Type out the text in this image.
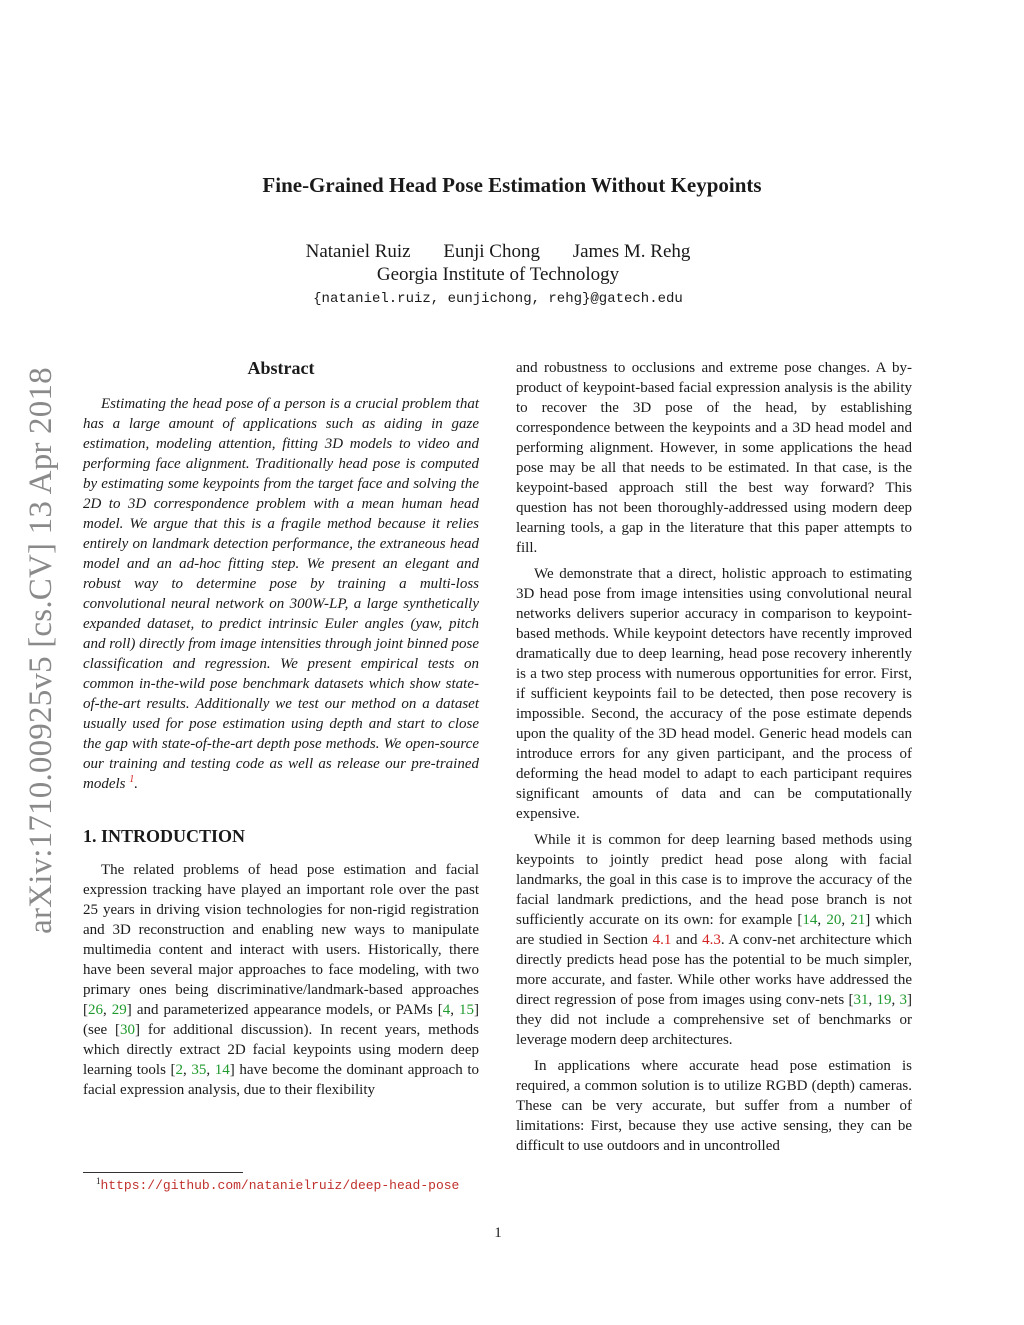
arXiv:1710.00925v5 [cs.CV] 13 Apr 2018
Fine-Grained Head Pose Estimation Without Keypoints
Nataniel Ruiz Eunji Chong James M. Rehg
Georgia Institute of Technology
{nataniel.ruiz, eunjichong, rehg}@gatech.edu
Abstract

Estimating the head pose of a person is a crucial problem that has a large amount of applications such as aiding in gaze estimation, modeling attention, fitting 3D models to video and performing face alignment. Traditionally head pose is computed by estimating some keypoints from the target face and solving the 2D to 3D correspondence problem with a mean human head model. We argue that this is a fragile method because it relies entirely on landmark detection performance, the extraneous head model and an ad-hoc fitting step. We present an elegant and robust way to determine pose by training a multi-loss convolutional neural network on 300W-LP, a large synthetically expanded dataset, to predict intrinsic Euler angles (yaw, pitch and roll) directly from image intensities through joint binned pose classification and regression. We present empirical tests on common in-the-wild pose benchmark datasets which show state-of-the-art results. Additionally we test our method on a dataset usually used for pose estimation using depth and start to close the gap with state-of-the-art depth pose methods. We open-source our training and testing code as well as release our pre-trained models $^1$.

1. INTRODUCTION

The related problems of head pose estimation and facial expression tracking have played an important role over the past 25 years in driving vision technologies for non-rigid registration and 3D reconstruction and enabling new ways to manipulate multimedia content and interact with users. Historically, there have been several major approaches to face modeling, with two primary ones being discriminative/landmark-based approaches [26, 29] and parameterized appearance models, or PAMs [4, 15] (see [30] for additional discussion). In recent years, methods which directly extract 2D facial keypoints using modern deep learning tools [2, 35, 14] have become the dominant approach to facial expression analysis, due to their flexibility

and robustness to occlusions and extreme pose changes. A by-product of keypoint-based facial expression analysis is the ability to recover the 3D pose of the head, by establishing correspondence between the keypoints and a 3D head model and performing alignment. However, in some applications the head pose may be all that needs to be estimated. In that case, is the keypoint-based approach still the best way forward? This question has not been thoroughly-addressed using modern deep learning tools, a gap in the literature that this paper attempts to fill.

We demonstrate that a direct, holistic approach to estimating 3D head pose from image intensities using convolutional neural networks delivers superior accuracy in comparison to keypoint-based methods. While keypoint detectors have recently improved dramatically due to deep learning, head pose recovery inherently is a two step process with numerous opportunities for error. First, if sufficient keypoints fail to be detected, then pose recovery is impossible. Second, the accuracy of the pose estimate depends upon the quality of the 3D head model. Generic head models can introduce errors for any given participant, and the process of deforming the head model to adapt to each participant requires significant amounts of data and can be computationally expensive.

While it is common for deep learning based methods using keypoints to jointly predict head pose along with facial landmarks, the goal in this case is to improve the accuracy of the facial landmark predictions, and the head pose branch is not sufficiently accurate on its own: for example [14, 20, 21] which are studied in Section 4.1 and 4.3. A conv-net architecture which directly predicts head pose has the potential to be much simpler, more accurate, and faster. While other works have addressed the direct regression of pose from images using conv-nets [31, 19, 3] they did not include a comprehensive set of benchmarks or leverage modern deep architectures.

In applications where accurate head pose estimation is required, a common solution is to utilize RGBD (depth) cameras. These can be very accurate, but suffer from a number of limitations: First, because they use active sensing, they can be difficult to use outdoors and in uncontrolled

$^1$https://github.com/natanielruiz/deep-head-pose
1
